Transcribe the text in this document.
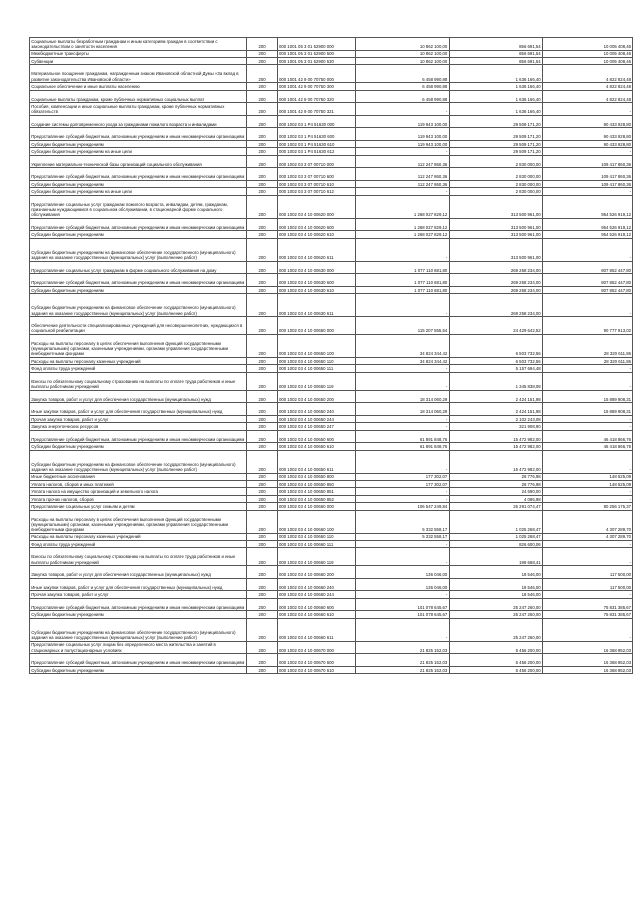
Социальные выплаты безработным гражданам и иным категориям граждан в соответствии с законодательством о занятости населения	200	000 1001 05 3 01 52900 000	10 862 100,00	856 691,54	10 005 408,46
Межбюджетные трансферты	200	000 1001 05 3 01 52900 500	10 862 100,00	856 691,54	10 005 408,46
Субвенции	200	000 1001 05 3 01 52900 530	10 862 100,00	856 691,54	10 005 408,46
Материальное поощрение гражданам, награжденным знаком Ивановской областной Думы «За вклад в развитие законодательства Ивановской области»	200	000 1001 42 9 00 70750 000	6 458 990,88	1 636 166,40	4 822 824,48
Социальное обеспечение и иные выплаты населению	200	000 1001 42 9 00 70750 300	6 458 990,88	1 636 166,40	4 822 824,48
Социальные выплаты гражданам, кроме публичных нормативных социальных выплат	200	000 1001 42 9 00 70750 320	6 458 990,88	1 636 166,40	4 822 824,48
Пособия, компенсации и иные социальные выплаты гражданам, кроме публичных нормативных обязательств	200	000 1001 42 9 00 70750 321	-	1 636 166,40	-
Создание системы долговременного ухода за гражданами пожилого возраста и инвалидами	200	000 1002 03 1 P4 51630 000	119 943 100,00	29 509 171,20	90 433 928,80
Предоставление субсидий бюджетным, автономным учреждениям и иным некоммерческим организациям	200	000 1002 03 1 P4 51630 600	119 943 100,00	29 509 171,20	90 433 928,80
Субсидии бюджетным учреждениям	200	000 1002 03 1 P4 51630 610	119 943 100,00	29 509 171,20	90 433 928,80
Субсидии бюджетным учреждениям на иные цели	200	000 1002 03 1 P4 51630 612	-	29 509 171,20	-
Укрепление материально-технической базы организаций социального обслуживания	200	000 1002 03 3 07 00710 000	112 247 860,36	2 830 000,00	109 417 860,36
Предоставление субсидий бюджетным, автономным учреждениям и иным некоммерческим организациям	200	000 1002 03 3 07 00710 600	112 247 860,36	2 830 000,00	109 417 860,36
Субсидии бюджетным учреждениям	200	000 1002 03 3 07 00710 610	112 247 860,36	2 830 000,00	109 417 860,36
Субсидии бюджетным учреждениям на иные цели	200	000 1002 03 3 07 00710 612	-	2 830 000,00	-
Предоставление социальных услуг гражданам пожилого возраста, инвалидам, детям, гражданам, признанным нуждающимися в социальном обслуживании, в стационарной форме социального обслуживания	200	000 1002 03 4 10 00620 000	1 268 027 829,12	313 500 961,00	954 526 919,12
Предоставление субсидий бюджетным, автономным учреждениям и иным некоммерческим организациям	200	000 1002 03 4 10 00620 600	1 268 027 829,12	313 500 961,00	954 526 919,12
Субсидии бюджетным учреждениям	200	000 1002 03 4 10 00620 610	1 268 027 829,12	313 500 961,00	954 526 919,12
Субсидии бюджетным учреждениям на финансовое обеспечение государственного (муниципального) задания на оказание государственных (муниципальных) услуг (выполнение работ)	200	000 1002 03 4 10 00620 611	-	313 500 961,00	-
Предоставление социальных услуг гражданам в форме социального обслуживания на дому	200	000 1002 03 4 10 00630 000	1 077 110 681,80	269 258 234,00	807 852 447,80
Предоставление субсидий бюджетным, автономным учреждениям и иным некоммерческим организациям	200	000 1002 03 4 10 00630 600	1 077 110 681,80	269 258 234,00	807 852 447,80
Субсидии бюджетным учреждениям	200	000 1002 03 4 10 00630 610	1 077 110 681,80	269 258 234,00	807 852 447,80
Субсидии бюджетным учреждениям на финансовое обеспечение государственного (муниципального) задания на оказание государственных (муниципальных) услуг (выполнение работ)	200	000 1002 03 4 10 00630 611	-	269 258 234,00	-
Обеспечение деятельности специализированных учреждений для несовершеннолетних, нуждающихся в социальной реабилитации	200	000 1002 03 4 10 00650 000	115 207 555,54	24 429 642,52	90 777 913,02
Расходы на выплаты персоналу в целях обеспечения выполнения функций государственными (муниципальными) органами, казенными учреждениями, органами управления государственными внебюджетными фондами	200	000 1002 03 4 10 00650 100	34 824 344,42	6 503 732,56	28 320 611,86
Расходы на выплаты персоналу казенных учреждений	200	000 1002 03 4 10 00650 110	34 824 344,42	6 503 732,56	28 320 611,86
Фонд оплаты труда учреждений	200	000 1002 03 4 10 00650 111	-	5 157 694,48	-
Взносы по обязательному социальному страхованию на выплаты по оплате труда работников и иные выплаты работникам учреждений	200	000 1002 03 4 10 00650 119	-	1 345 838,08	-
Закупка товаров, работ и услуг для обеспечения государственных (муниципальных) нужд	200	000 1002 03 4 10 00650 200	18 314 060,29	2 424 151,98	15 889 908,31
Иные закупки товаров, работ и услуг для обеспечения государственных (муниципальных) нужд	200	000 1002 03 4 10 00650 240	18 314 060,29	2 424 151,98	15 889 908,31
Прочая закупка товаров, работ и услуг	200	000 1002 03 4 10 00650 244	-	2 102 243,08	-
Закупка энергетических ресурсов	200	000 1002 03 4 10 00650 247	-	321 908,90	-
Предоставление субсидий бюджетным, автономным учреждениям и иным некоммерческим организациям	200	000 1002 03 4 10 00650 600	61 891 848,76	15 472 982,00	46 418 866,76
Субсидии бюджетным учреждениям	200	000 1002 03 4 10 00650 610	61 891 848,76	15 472 982,00	46 418 866,76
Субсидии бюджетным учреждениям на финансовое обеспечение государственного (муниципального) задания на оказание государственных (муниципальных) услуг (выполнение работ)	200	000 1002 03 4 10 00650 611	-	15 472 982,00	-
Иные бюджетные ассигнования	200	000 1002 03 4 10 00650 800	177 302,07	28 776,98	148 525,09
Уплата налогов, сборов и иных платежей	200	000 1002 03 4 10 00650 850	177 302,07	28 776,98	148 525,09
Уплата налога на имущество организаций и земельного налога	200	000 1002 03 4 10 00650 851	-	24 690,00	-
Уплата прочих налогов, сборов	200	000 1002 03 4 10 00650 852	-	4 086,98	-
Предоставление социальных услуг семьям и детям	200	000 1002 03 4 10 00660 000	106 547 249,84	26 291 074,47	80 256 175,37
Расходы на выплаты персоналу в целях обеспечения выполнения функций государственными (муниципальными) органами, казенными учреждениями, органами управления государственными внебюджетными фондами	200	000 1002 03 4 10 00660 100	5 332 558,17	1 025 268,47	4 307 289,70
Расходы на выплаты персоналу казенных учреждений	200	000 1002 03 4 10 00660 110	5 332 558,17	1 025 268,47	4 307 289,70
Фонд оплаты труда учреждений	200	000 1002 03 4 10 00660 111	-	826 600,06	-
Взносы по обязательному социальному страхованию на выплаты по оплате труда работников и иные выплаты работникам учреждений	200	000 1002 03 4 10 00660 119	-	198 668,41	-
Закупка товаров, работ и услуг для обеспечения государственных (муниципальных) нужд	200	000 1002 03 4 10 00660 200	136 046,00	18 546,00	117 500,00
Иные закупки товаров, работ и услуг для обеспечения государственных (муниципальных) нужд	200	000 1002 03 4 10 00660 240	136 046,00	18 546,00	117 500,00
Прочая закупка товаров, работ и услуг	200	000 1002 03 4 10 00660 244	-	18 546,00	-
Предоставление субсидий бюджетным, автономным учреждениям и иным некоммерческим организациям	200	000 1002 03 4 10 00660 600	101 078 645,67	25 247 260,00	75 831 385,67
Субсидии бюджетным учреждениям	200	000 1002 03 4 10 00660 610	101 078 645,67	25 247 260,00	75 831 385,67
Субсидии бюджетным учреждениям на финансовое обеспечение государственного (муниципального) задания на оказание государственных (муниципальных) услуг (выполнение работ)	200	000 1002 03 4 10 00660 611	-	25 247 260,00	-
Предоставление социальных услуг лицам без определенного места жительства и занятий в стационарных и полустационарных условиях	200	000 1002 03 4 10 00670 000	21 825 152,03	5 456 200,00	16 368 952,03
Предоставление субсидий бюджетным, автономным учреждениям и иным некоммерческим организациям	200	000 1002 03 4 10 00670 600	21 825 152,03	5 456 200,00	16 368 952,03
Субсидии бюджетным учреждениям	200	000 1002 03 4 10 00670 610	21 825 152,03	5 456 200,00	16 368 952,03
